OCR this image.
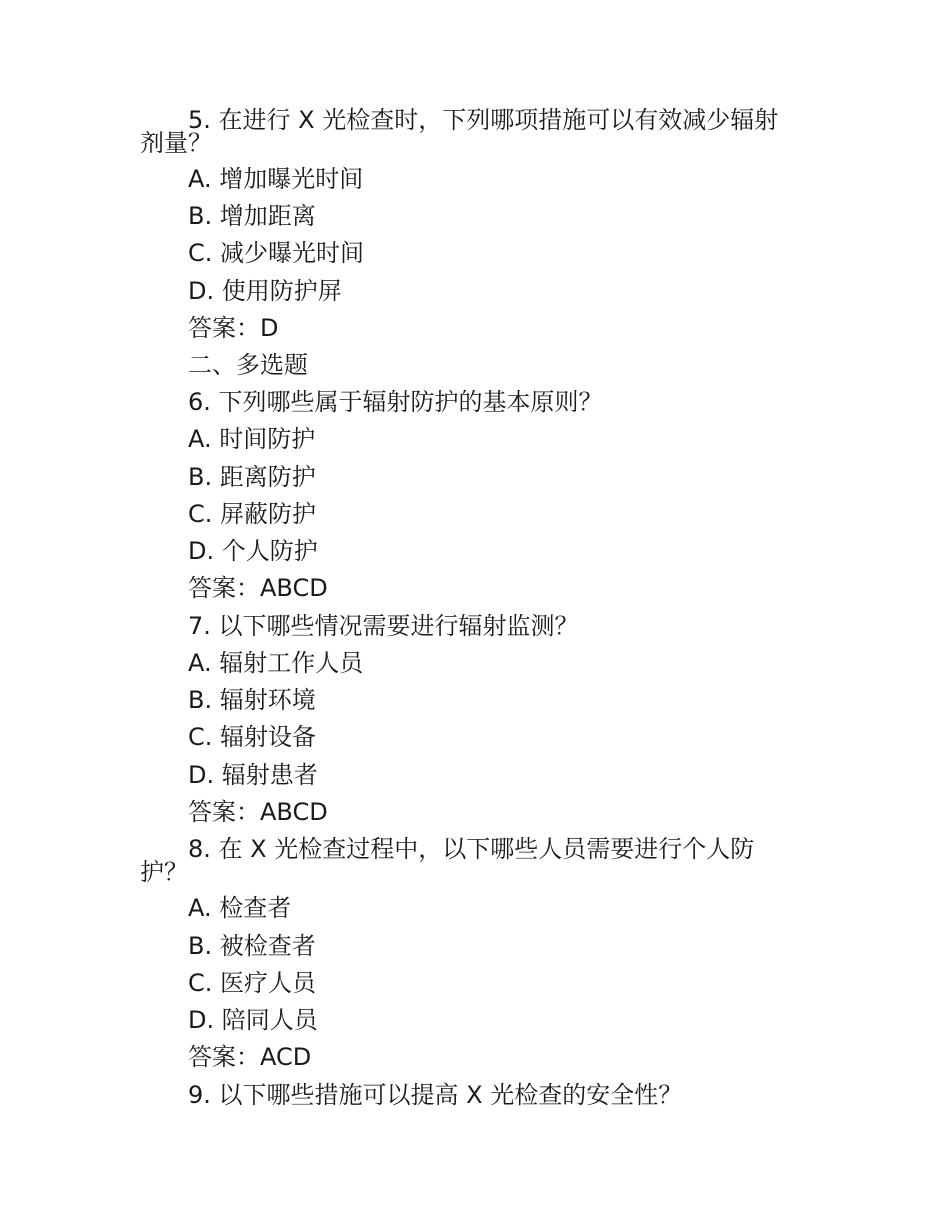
5. 在进行 X 光检查时，下列哪项措施可以有效减少辐射
剂量？
A. 增加曝光时间
B. 增加距离
C. 减少曝光时间
D. 使用防护屏
答案：D
二、多选题
6. 下列哪些属于辐射防护的基本原则？
A. 时间防护
B. 距离防护
C. 屏蔽防护
D. 个人防护
答案：ABCD
7. 以下哪些情况需要进行辐射监测？
A. 辐射工作人员
B. 辐射环境
C. 辐射设备
D. 辐射患者
答案：ABCD
8. 在 X 光检查过程中，以下哪些人员需要进行个人防
护？
A. 检查者
B. 被检查者
C. 医疗人员
D. 陪同人员
答案：ACD
9. 以下哪些措施可以提高 X 光检查的安全性？
